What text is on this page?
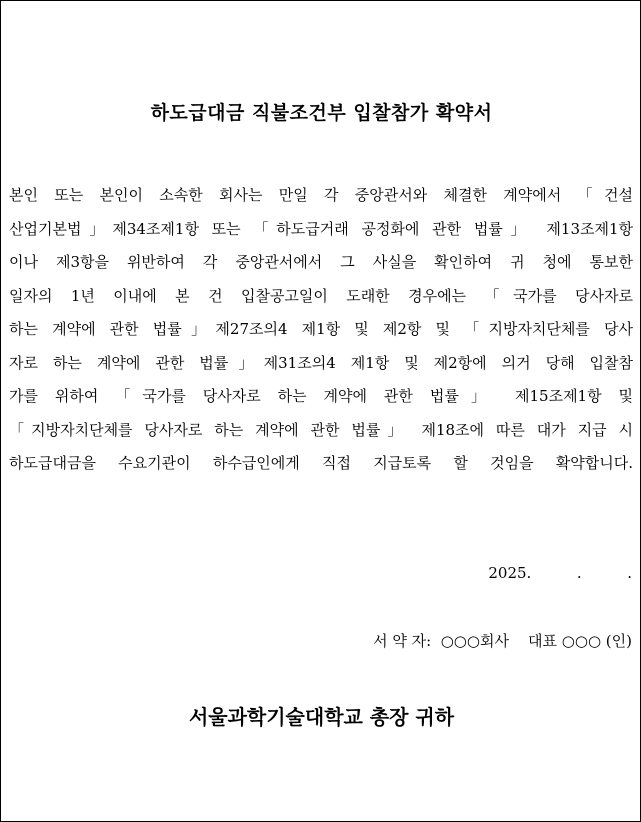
하도급대금 직불조건부 입찰참가 확약서
본인 또는 본인이 소속한 회사는 만일 각 중앙관서와 체결한 계약에서 「건설
산업기본법」제34조제1항 또는 「하도급거래 공정화에 관한 법률」 제13조제1항
이나 제3항을 위반하여 각 중앙관서에서 그 사실을 확인하여 귀 청에 통보한
일자의 1년 이내에 본 건 입찰공고일이 도래한 경우에는 「국가를 당사자로
하는 계약에 관한 법률」제27조의4 제1항 및 제2항 및 「지방자치단체를 당사
자로 하는 계약에 관한 법률」제31조의4 제1항 및 제2항에 의거 당해 입찰참
가를 위하여 「국가를 당사자로 하는 계약에 관한 법률」 제15조제1항 및
「지방자치단체를 당사자로 하는 계약에 관한 법률」 제18조에 따른 대가 지급 시
하도급대금을 수요기관이 하수급인에게 직접 지급토록 할 것임을 확약합니다.
2025.	.	.
서 약 자:  ○○○회사    대표 ○○○ (인)
서울과학기술대학교 총장 귀하
